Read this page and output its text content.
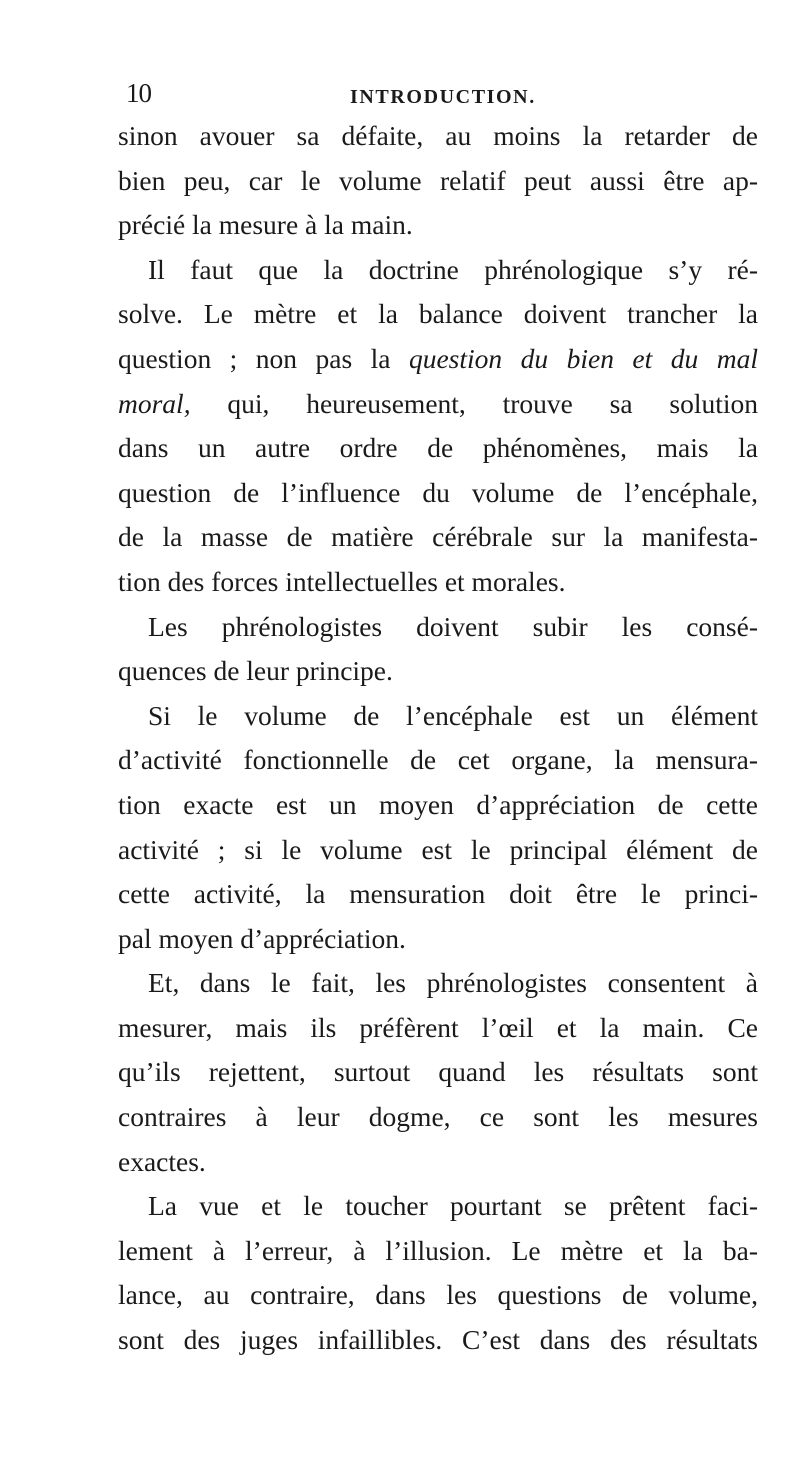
10	INTRODUCTION.
sinon avouer sa défaite, au moins la retarder de
bien peu, car le volume relatif peut aussi être ap-
précié la mesure à la main.
Il faut que la doctrine phrénologique s’y ré-
solve. Le mètre et la balance doivent trancher la
question ; non pas la question du bien et du mal
moral, qui, heureusement, trouve sa solution
dans un autre ordre de phénomènes, mais la
question de l’influence du volume de l’encéphale,
de la masse de matière cérébrale sur la manifesta-
tion des forces intellectuelles et morales.
Les phrénologistes doivent subir les consé-
quences de leur principe.
Si le volume de l’encéphale est un élément
d’activité fonctionnelle de cet organe, la mensura-
tion exacte est un moyen d’appréciation de cette
activité ; si le volume est le principal élément de
cette activité, la mensuration doit être le princi-
pal moyen d’appréciation.
Et, dans le fait, les phrénologistes consentent à
mesurer, mais ils préfèrent l’œil et la main. Ce
qu’ils rejettent, surtout quand les résultats sont
contraires à leur dogme, ce sont les mesures
exactes.
La vue et le toucher pourtant se prêtent faci-
lement à l’erreur, à l’illusion. Le mètre et la ba-
lance, au contraire, dans les questions de volume,
sont des juges infaillibles. C’est dans des résultats
